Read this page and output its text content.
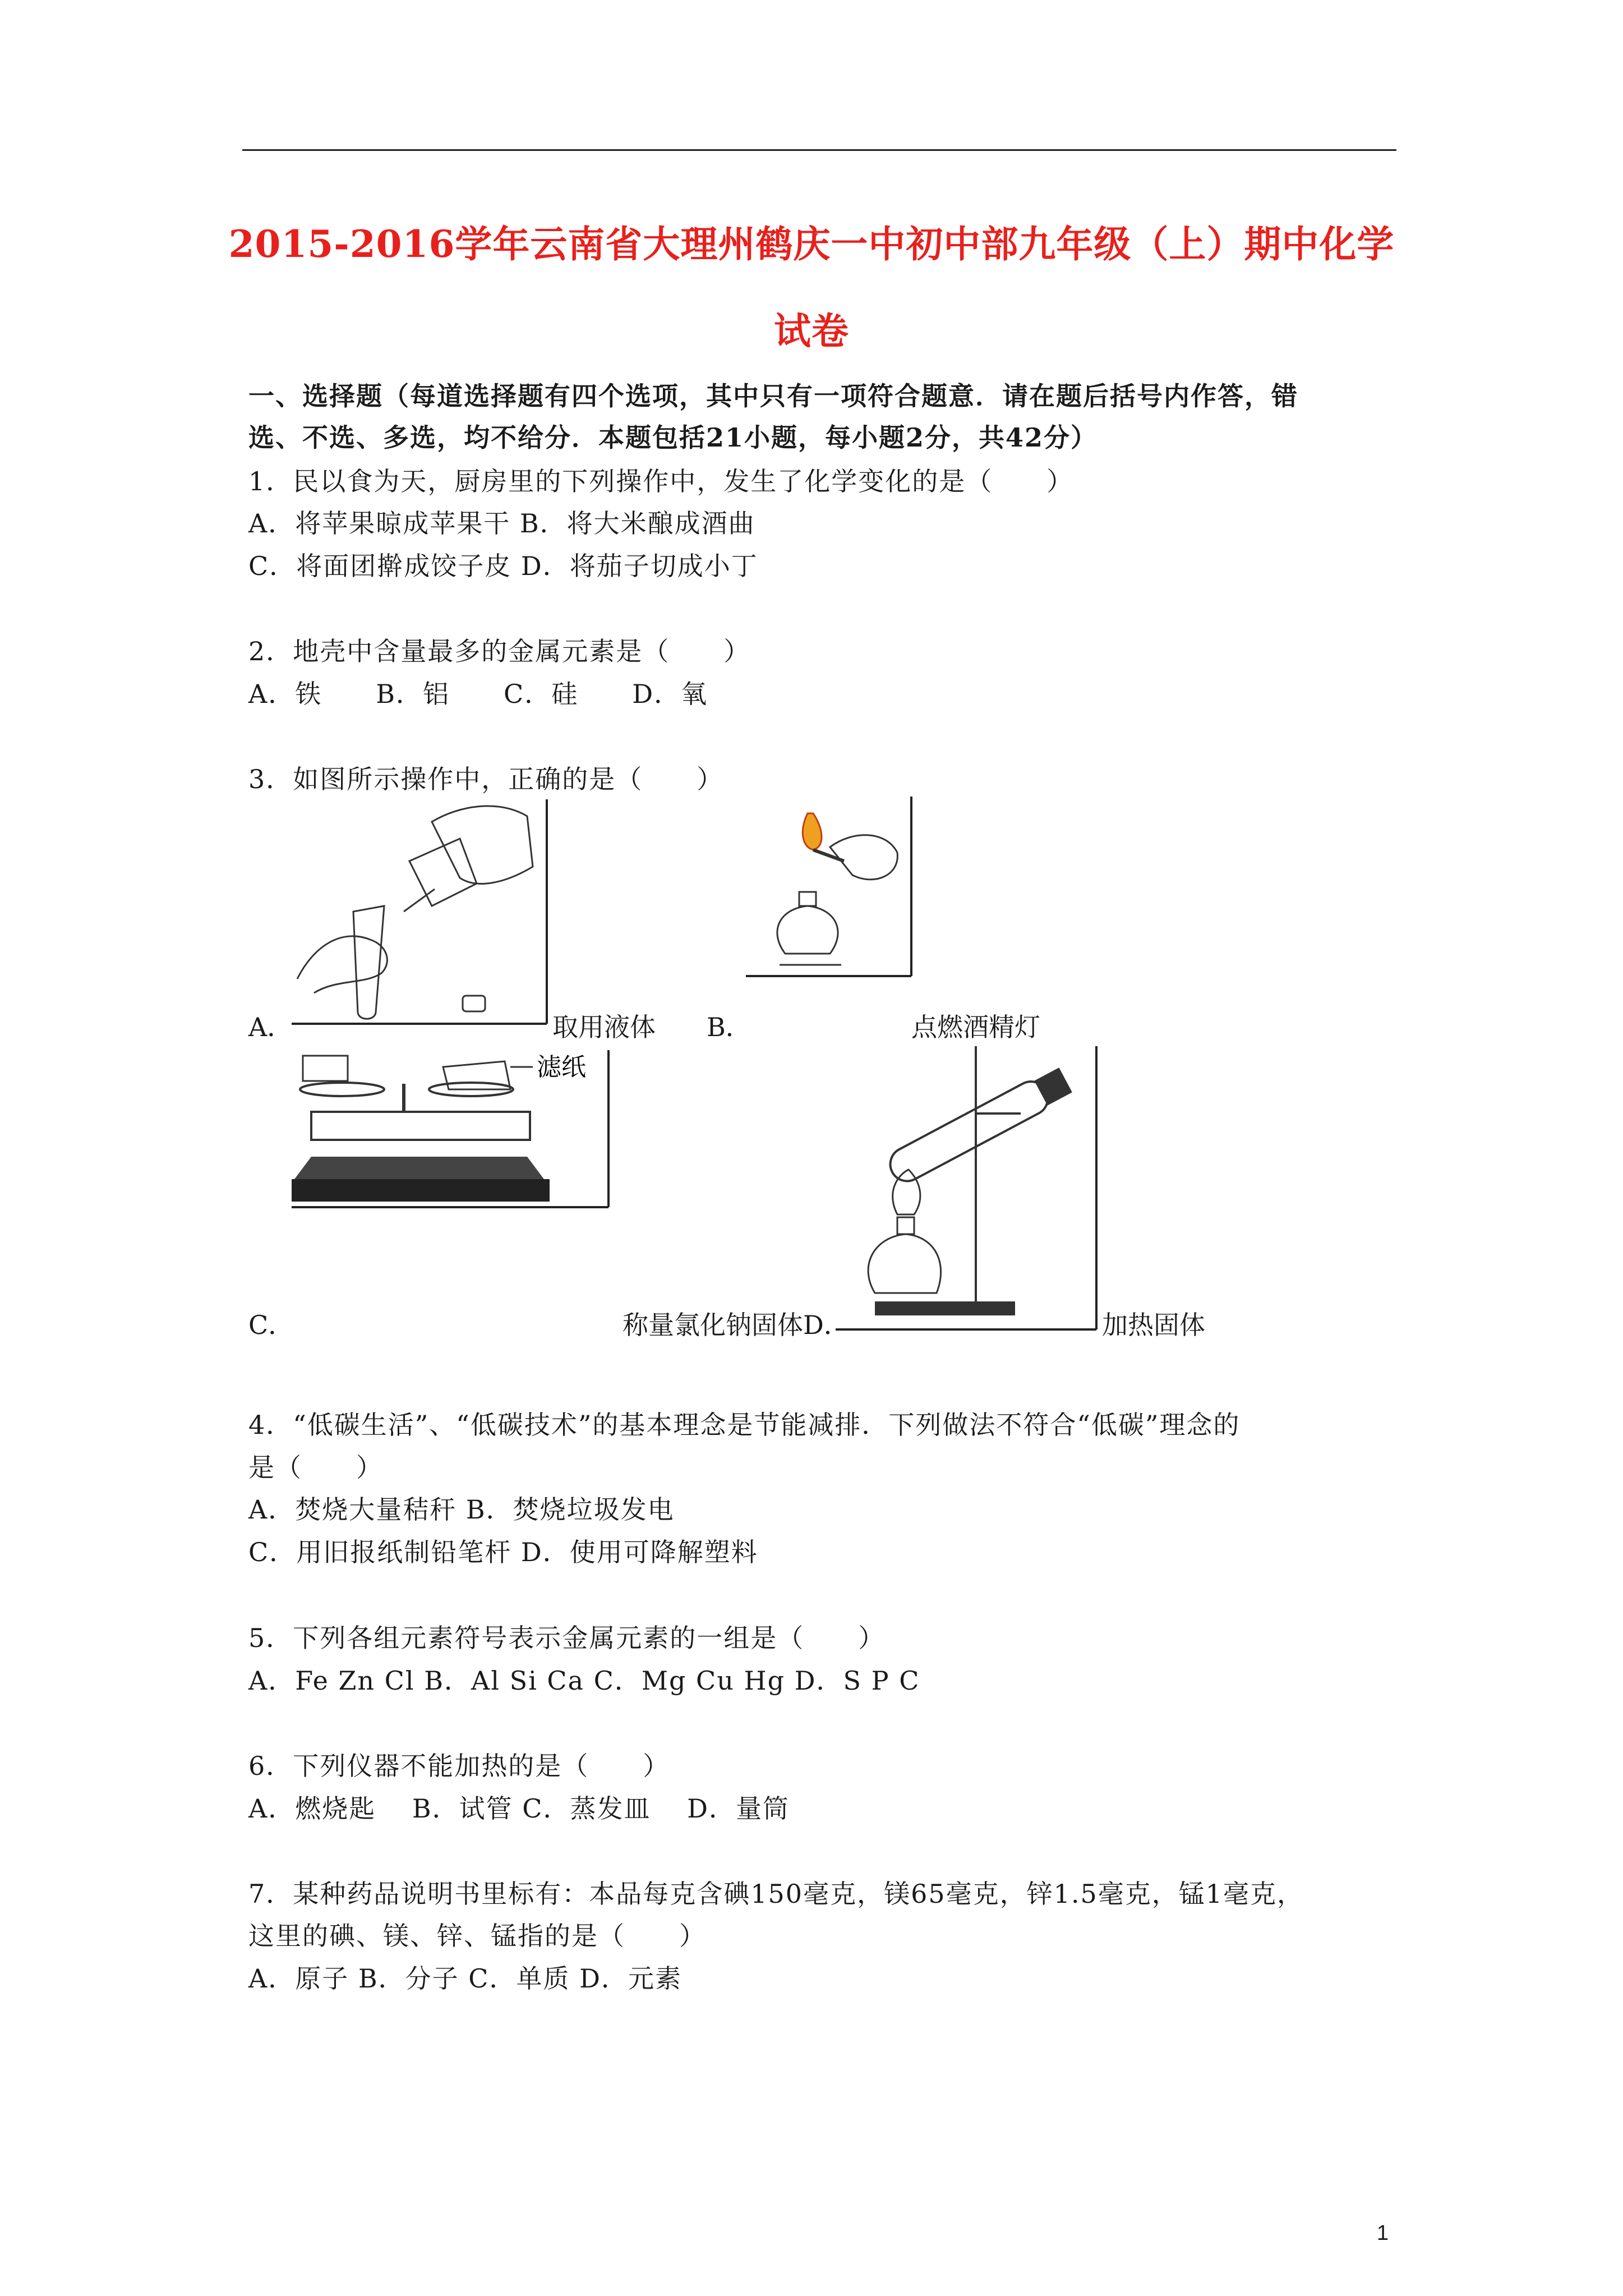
2015-2016学年云南省大理州鹤庆一中初中部九年级（上）期中化学
试卷
一、选择题（每道选择题有四个选项，其中只有一项符合题意．请在题后括号内作答，错
选、不选、多选，均不给分．本题包括21小题，每小题2分，共42分）
1．民以食为天，厨房里的下列操作中，发生了化学变化的是（　　）
A．将苹果晾成苹果干 B．将大米酿成酒曲
C．将面团擀成饺子皮 D．将茄子切成小丁
2．地壳中含量最多的金属元素是（　　）
A．铁　　B．铝　　C．硅　　D．氧
3．如图所示操作中，正确的是（　　）
A．	取用液体 B．	点燃酒精灯
滤纸
C．	称量氯化钠固体D．	加热固体
4．“低碳生活”、“低碳技术”的基本理念是节能减排．下列做法不符合“低碳”理念的
是（　　）
A．焚烧大量秸秆 B．焚烧垃圾发电
C．用旧报纸制铅笔杆 D．使用可降解塑料
5．下列各组元素符号表示金属元素的一组是（　　）
A．Fe Zn Cl B．Al Si Ca C．Mg Cu Hg D．S P C
6．下列仪器不能加热的是（　　）
A．燃烧匙　 B．试管 C．蒸发皿　 D．量筒
7．某种药品说明书里标有：本品每克含碘150毫克，镁65毫克，锌1.5毫克，锰1毫克，
这里的碘、镁、锌、锰指的是（　　）
A．原子 B．分子 C．单质 D．元素
1
